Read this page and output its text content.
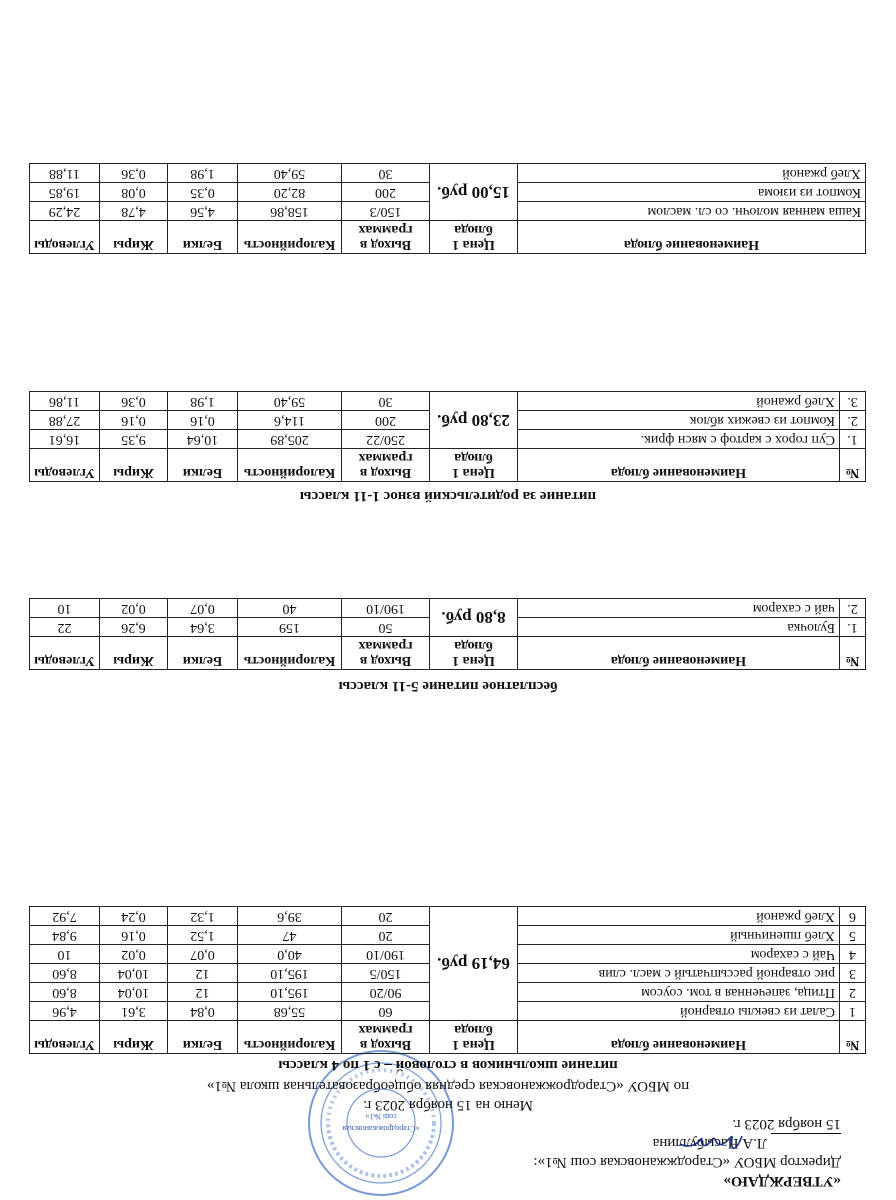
«УТВЕРЖДАЮ»
Директор МБОУ «Староджжановская сош №1»:
Л.А.Насыбуллина
15 ноября 2023 г.
«Стародрожжановская
сош №1»
Меню на 15 ноября 2023 г.
по МБОУ «Стародрожжановская средняя общеобразовательная школа №1»
питание школьников в столовой – с 1 по 4 классы
№	Наименование блюда	Цена 1 блюда	Выход в граммах	Калорийность	Белки	Жиры	Углеводы
1	Салат из свеклы отварной	64,19 руб.	60	55,68	0,84	3,61	4,96
2	Птица, запеченная в том. соусом		90/20	195,10	12	10,04	8,60
3	рис отварной рассыпчатый с масл. слив		150/5	195,10	12	10,04	8,60
4	Чай с сахаром		190/10	40,0	0,07	0,02	10
5	Хлеб пшеничный		20	47	1,52	0,16	9,84
6	Хлеб ржаной		20	39,6	1,32	0,24	7,92
бесплатное питание 5-11 классы
№	Наименование блюда	Цена 1 блюда	Выход в граммах	Калорийность	Белки	Жиры	Углеводы
1.	Булочка	8,80 руб.	50	159	3,64	6,26	22
2.	чай с сахаром		190/10	40	0,07	0,02	10
питание за родительский взнос 1-11 классы
№	Наименование блюда	Цена 1 блюда	Выход в граммах	Калорийность	Белки	Жиры	Углеводы
1.	Суп горох с картоф с мясн фрик.	23,80 руб.	250/22	205,89	10,64	9,35	16,61
2.	Компот из свежих яблок		200	114,6	0,16	0,16	27,88
3.	Хлеб ржаной		30	59,40	1,98	0,36	11,86
Наименование блюда	Цена 1 блюда	Выход в граммах	Калорийность	Белки	Жиры	Углеводы
Каша манная молочн. со сл. маслом	15,00 руб.	150/3	158,86	4,56	4,78	24,29
Компот из изюма		200	82,20	0,35	0,08	19,85
Хлеб ржаной		30	59,40	1,98	0,36	11,88
